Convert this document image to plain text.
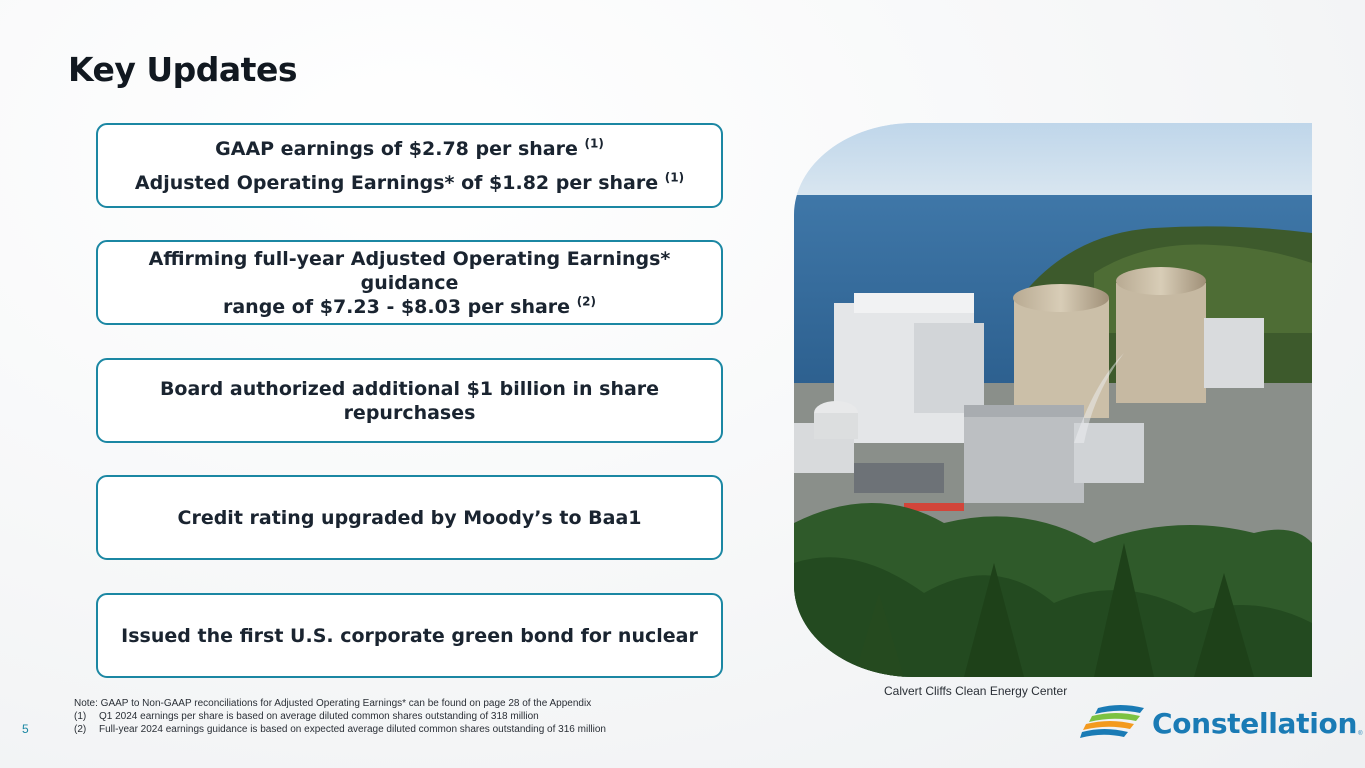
Key Updates
GAAP earnings of $2.78 per share $^{(1)}$
Adjusted Operating Earnings* of $1.82 per share $^{(1)}$
Affirming full-year Adjusted Operating Earnings* guidance
range of $7.23 - $8.03 per share $^{(2)}$
Board authorized additional $1 billion in share repurchases
Credit rating upgraded by Moody’s to Baa1
Issued the first U.S. corporate green bond for nuclear
Calvert Cliffs Clean Energy Center
Note: GAAP to Non-GAAP reconciliations for Adjusted Operating Earnings* can be found on page 28 of the Appendix
(1)	Q1 2024 earnings per share is based on average diluted common shares outstanding of 318 million
(2)	Full-year 2024 earnings guidance is based on expected average diluted common shares outstanding of 316 million
5	Constellation ®
